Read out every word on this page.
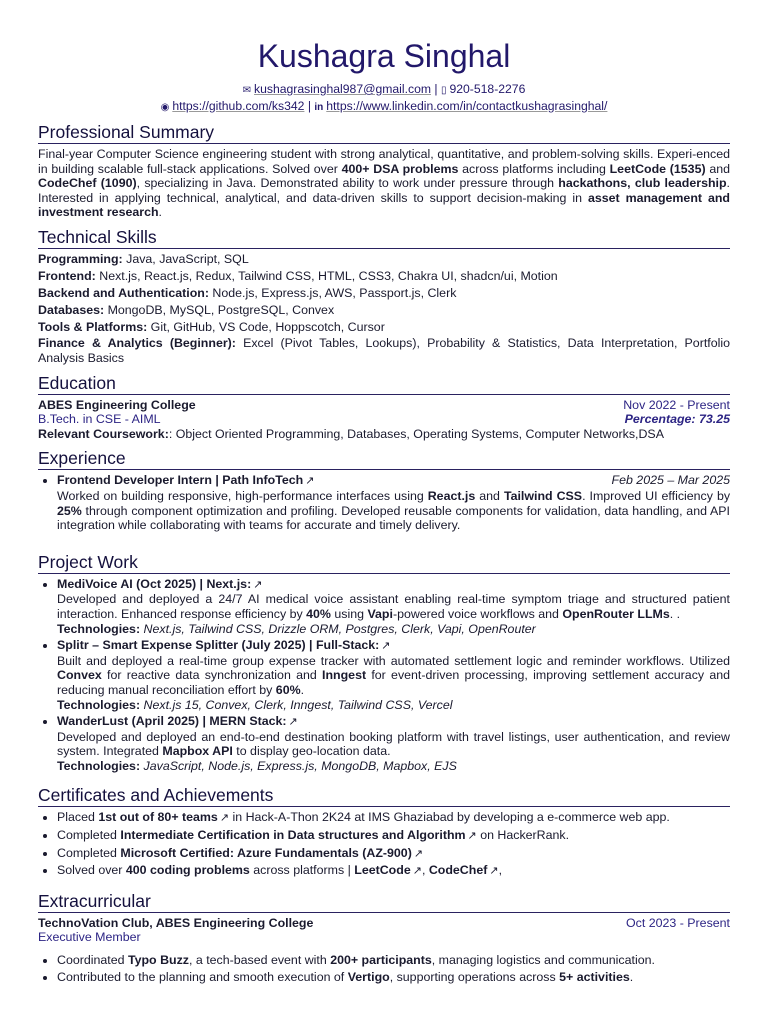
Kushagra Singhal
✉ kushagrasinghal987@gmail.com | ▯ 920-518-2276
◉ https://github.com/ks342 | in https://www.linkedin.com/in/contactkushagrasinghal/
Professional Summary
Final-year Computer Science engineering student with strong analytical, quantitative, and problem-solving skills. Experi-enced in building scalable full-stack applications. Solved over 400+ DSA problems across platforms including LeetCode (1535) and CodeChef (1090), specializing in Java. Demonstrated ability to work under pressure through hackathons, club leadership. Interested in applying technical, analytical, and data-driven skills to support decision-making in asset management and investment research.
Technical Skills
Programming: Java, JavaScript, SQL
Frontend: Next.js, React.js, Redux, Tailwind CSS, HTML, CSS3, Chakra UI, shadcn/ui, Motion
Backend and Authentication: Node.js, Express.js, AWS, Passport.js, Clerk
Databases: MongoDB, MySQL, PostgreSQL, Convex
Tools & Platforms: Git, GitHub, VS Code, Hoppscotch, Cursor
Finance & Analytics (Beginner): Excel (Pivot Tables, Lookups), Probability & Statistics, Data Interpretation, Portfolio Analysis Basics
Education
ABES Engineering College	Nov 2022 - Present
B.Tech. in CSE - AIML	Percentage: 73.25
Relevant Coursework:: Object Oriented Programming, Databases, Operating Systems, Computer Networks,DSA
Experience
• Frontend Developer Intern | Path InfoTech ↗	Feb 2025 – Mar 2025
Worked on building responsive, high-performance interfaces using React.js and Tailwind CSS. Improved UI efficiency by 25% through component optimization and profiling. Developed reusable components for validation, data handling, and API integration while collaborating with teams for accurate and timely delivery.
Project Work
• MediVoice AI (Oct 2025) | Next.js: ↗
Developed and deployed a 24/7 AI medical voice assistant enabling real-time symptom triage and structured patient interaction. Enhanced response efficiency by 40% using Vapi-powered voice workflows and OpenRouter LLMs. .
Technologies: Next.js, Tailwind CSS, Drizzle ORM, Postgres, Clerk, Vapi, OpenRouter
• Splitr – Smart Expense Splitter (July 2025) | Full-Stack: ↗
Built and deployed a real-time group expense tracker with automated settlement logic and reminder workflows. Utilized Convex for reactive data synchronization and Inngest for event-driven processing, improving settlement accuracy and reducing manual reconciliation effort by 60%.
Technologies: Next.js 15, Convex, Clerk, Inngest, Tailwind CSS, Vercel
• WanderLust (April 2025) | MERN Stack: ↗
Developed and deployed an end-to-end destination booking platform with travel listings, user authentication, and review system. Integrated Mapbox API to display geo-location data.
Technologies: JavaScript, Node.js, Express.js, MongoDB, Mapbox, EJS
Certificates and Achievements
• Placed 1st out of 80+ teams ↗ in Hack-A-Thon 2K24 at IMS Ghaziabad by developing a e-commerce web app.
• Completed Intermediate Certification in Data structures and Algorithm ↗ on HackerRank.
• Completed Microsoft Certified: Azure Fundamentals (AZ-900) ↗
• Solved over 400 coding problems across platforms | LeetCode ↗, CodeChef ↗,
Extracurricular
TechnoVation Club, ABES Engineering College	Oct 2023 - Present
Executive Member
• Coordinated Typo Buzz, a tech-based event with 200+ participants, managing logistics and communication.
• Contributed to the planning and smooth execution of Vertigo, supporting operations across 5+ activities.
